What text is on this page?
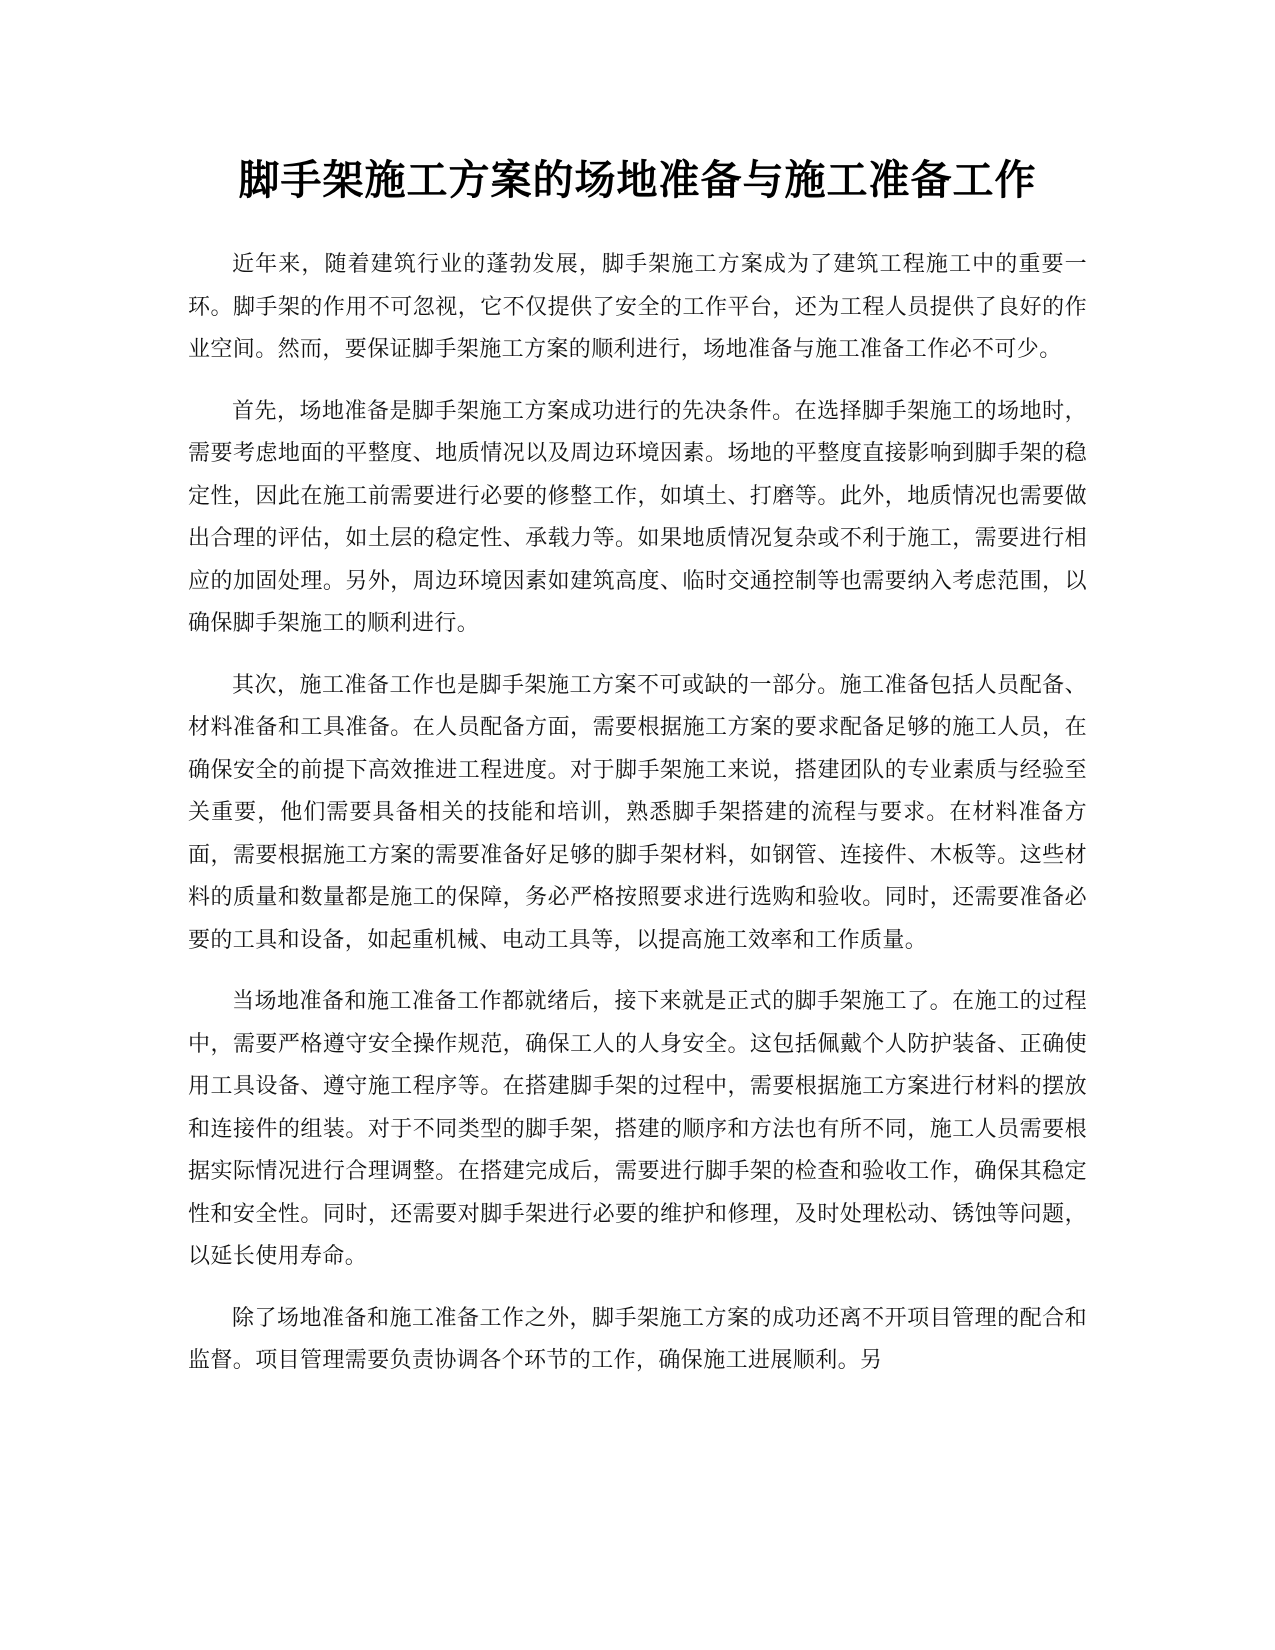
脚手架施工方案的场地准备与施工准备工作

近年来，随着建筑行业的蓬勃发展，脚手架施工方案成为了建筑工程施工中的重要一环。脚手架的作用不可忽视，它不仅提供了安全的工作平台，还为工程人员提供了良好的作业空间。然而，要保证脚手架施工方案的顺利进行，场地准备与施工准备工作必不可少。

首先，场地准备是脚手架施工方案成功进行的先决条件。在选择脚手架施工的场地时，需要考虑地面的平整度、地质情况以及周边环境因素。场地的平整度直接影响到脚手架的稳定性，因此在施工前需要进行必要的修整工作，如填土、打磨等。此外，地质情况也需要做出合理的评估，如土层的稳定性、承载力等。如果地质情况复杂或不利于施工，需要进行相应的加固处理。另外，周边环境因素如建筑高度、临时交通控制等也需要纳入考虑范围，以确保脚手架施工的顺利进行。

其次，施工准备工作也是脚手架施工方案不可或缺的一部分。施工准备包括人员配备、材料准备和工具准备。在人员配备方面，需要根据施工方案的要求配备足够的施工人员，在确保安全的前提下高效推进工程进度。对于脚手架施工来说，搭建团队的专业素质与经验至关重要，他们需要具备相关的技能和培训，熟悉脚手架搭建的流程与要求。在材料准备方面，需要根据施工方案的需要准备好足够的脚手架材料，如钢管、连接件、木板等。这些材料的质量和数量都是施工的保障，务必严格按照要求进行选购和验收。同时，还需要准备必要的工具和设备，如起重机械、电动工具等，以提高施工效率和工作质量。

当场地准备和施工准备工作都就绪后，接下来就是正式的脚手架施工了。在施工的过程中，需要严格遵守安全操作规范，确保工人的人身安全。这包括佩戴个人防护装备、正确使用工具设备、遵守施工程序等。在搭建脚手架的过程中，需要根据施工方案进行材料的摆放和连接件的组装。对于不同类型的脚手架，搭建的顺序和方法也有所不同，施工人员需要根据实际情况进行合理调整。在搭建完成后，需要进行脚手架的检查和验收工作，确保其稳定性和安全性。同时，还需要对脚手架进行必要的维护和修理，及时处理松动、锈蚀等问题，以延长使用寿命。

除了场地准备和施工准备工作之外，脚手架施工方案的成功还离不开项目管理的配合和监督。项目管理需要负责协调各个环节的工作，确保施工进展顺利。另
